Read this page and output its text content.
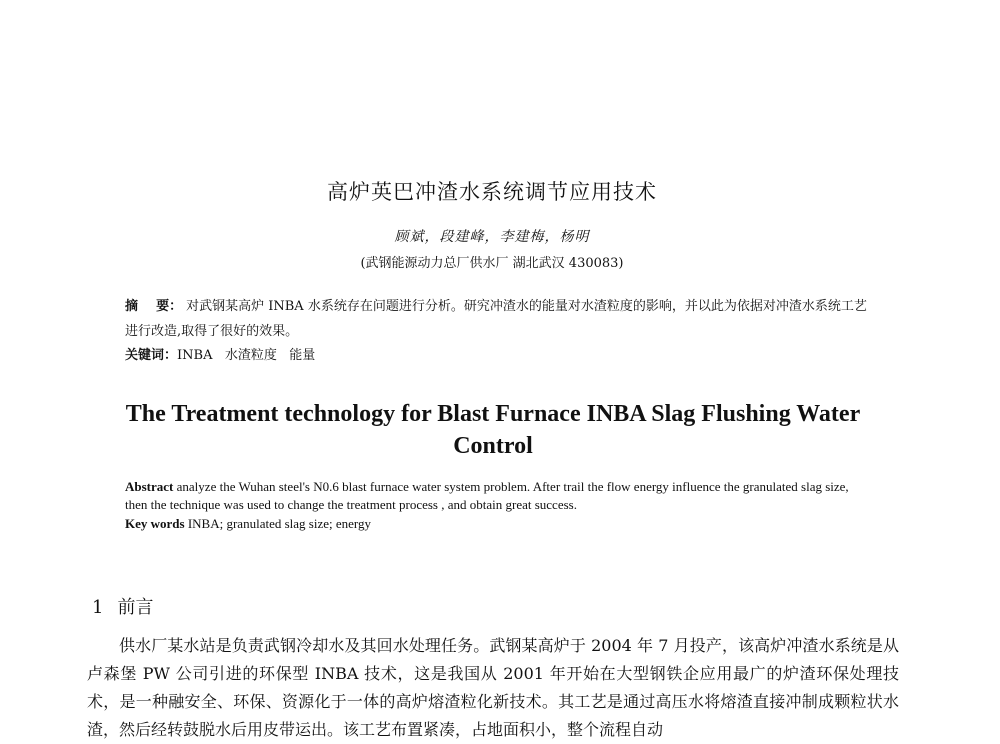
高炉英巴冲渣水系统调节应用技术
顾斌，段建峰，李建梅，杨明
(武钢能源动力总厂供水厂 湖北武汉 430083)
摘    要： 对武钢某高炉 INBA 水系统存在问题进行分析。研究冲渣水的能量对水渣粒度的影响，并以此为依据对冲渣水系统工艺进行改造,取得了很好的效果。
关键词：INBA   水渣粒度   能量
The Treatment technology for Blast Furnace INBA Slag Flushing Water Control
Abstract analyze the Wuhan steel's N0.6 blast furnace water system problem. After trail the flow energy influence the granulated slag size, then the technique was used to change the treatment process , and obtain great success.
Key words INBA; granulated slag size; energy
1 前言
供水厂某水站是负责武钢冷却水及其回水处理任务。武钢某高炉于 2004 年 7 月投产，该高炉冲渣水系统是从卢森堡 PW 公司引进的环保型 INBA 技术，这是我国从 2001 年开始在大型钢铁企应用最广的炉渣环保处理技术，是一种融安全、环保、资源化于一体的高炉熔渣粒化新技术。其工艺是通过高压水将熔渣直接冲制成颗粒状水渣，然后经转鼓脱水后用皮带运出。该工艺布置紧凑，占地面积小，整个流程自动
